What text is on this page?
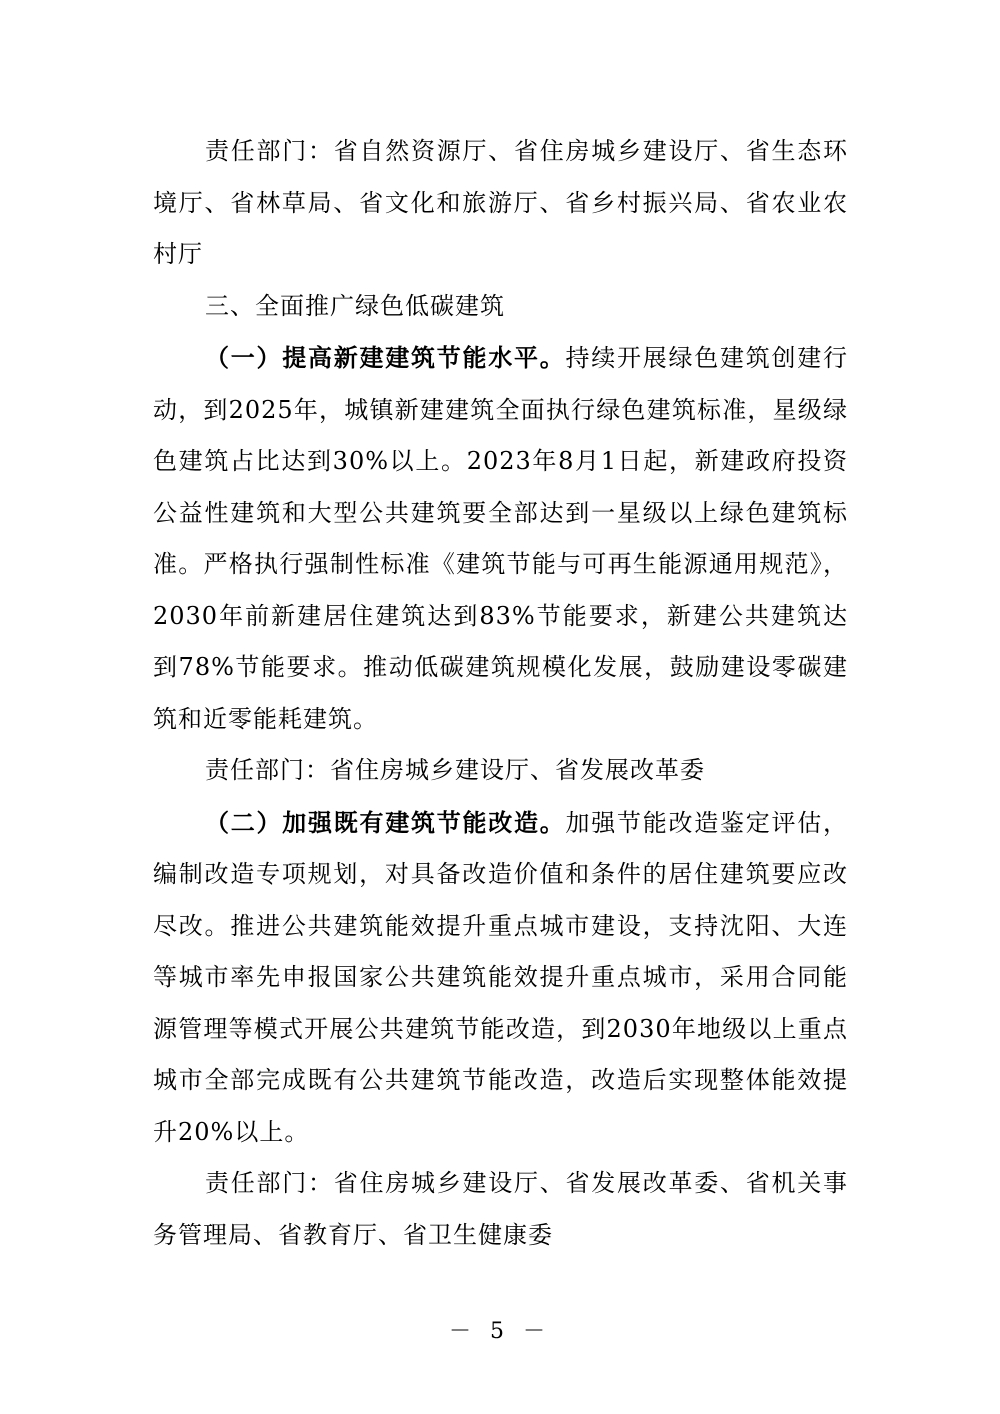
责任部门：省自然资源厅、省住房城乡建设厅、省生态环境厅、省林草局、省文化和旅游厅、省乡村振兴局、省农业农村厅

三、全面推广绿色低碳建筑

（一）提高新建建筑节能水平。持续开展绿色建筑创建行动，到2025年，城镇新建建筑全面执行绿色建筑标准，星级绿色建筑占比达到30%以上。2023年8月1日起，新建政府投资公益性建筑和大型公共建筑要全部达到一星级以上绿色建筑标准。严格执行强制性标准《建筑节能与可再生能源通用规范》，2030年前新建居住建筑达到83%节能要求，新建公共建筑达到78%节能要求。推动低碳建筑规模化发展，鼓励建设零碳建筑和近零能耗建筑。

责任部门：省住房城乡建设厅、省发展改革委

（二）加强既有建筑节能改造。加强节能改造鉴定评估，编制改造专项规划，对具备改造价值和条件的居住建筑要应改尽改。推进公共建筑能效提升重点城市建设，支持沈阳、大连等城市率先申报国家公共建筑能效提升重点城市，采用合同能源管理等模式开展公共建筑节能改造，到2030年地级以上重点城市全部完成既有公共建筑节能改造，改造后实现整体能效提升20%以上。

责任部门：省住房城乡建设厅、省发展改革委、省机关事务管理局、省教育厅、省卫生健康委

－ 5 －
